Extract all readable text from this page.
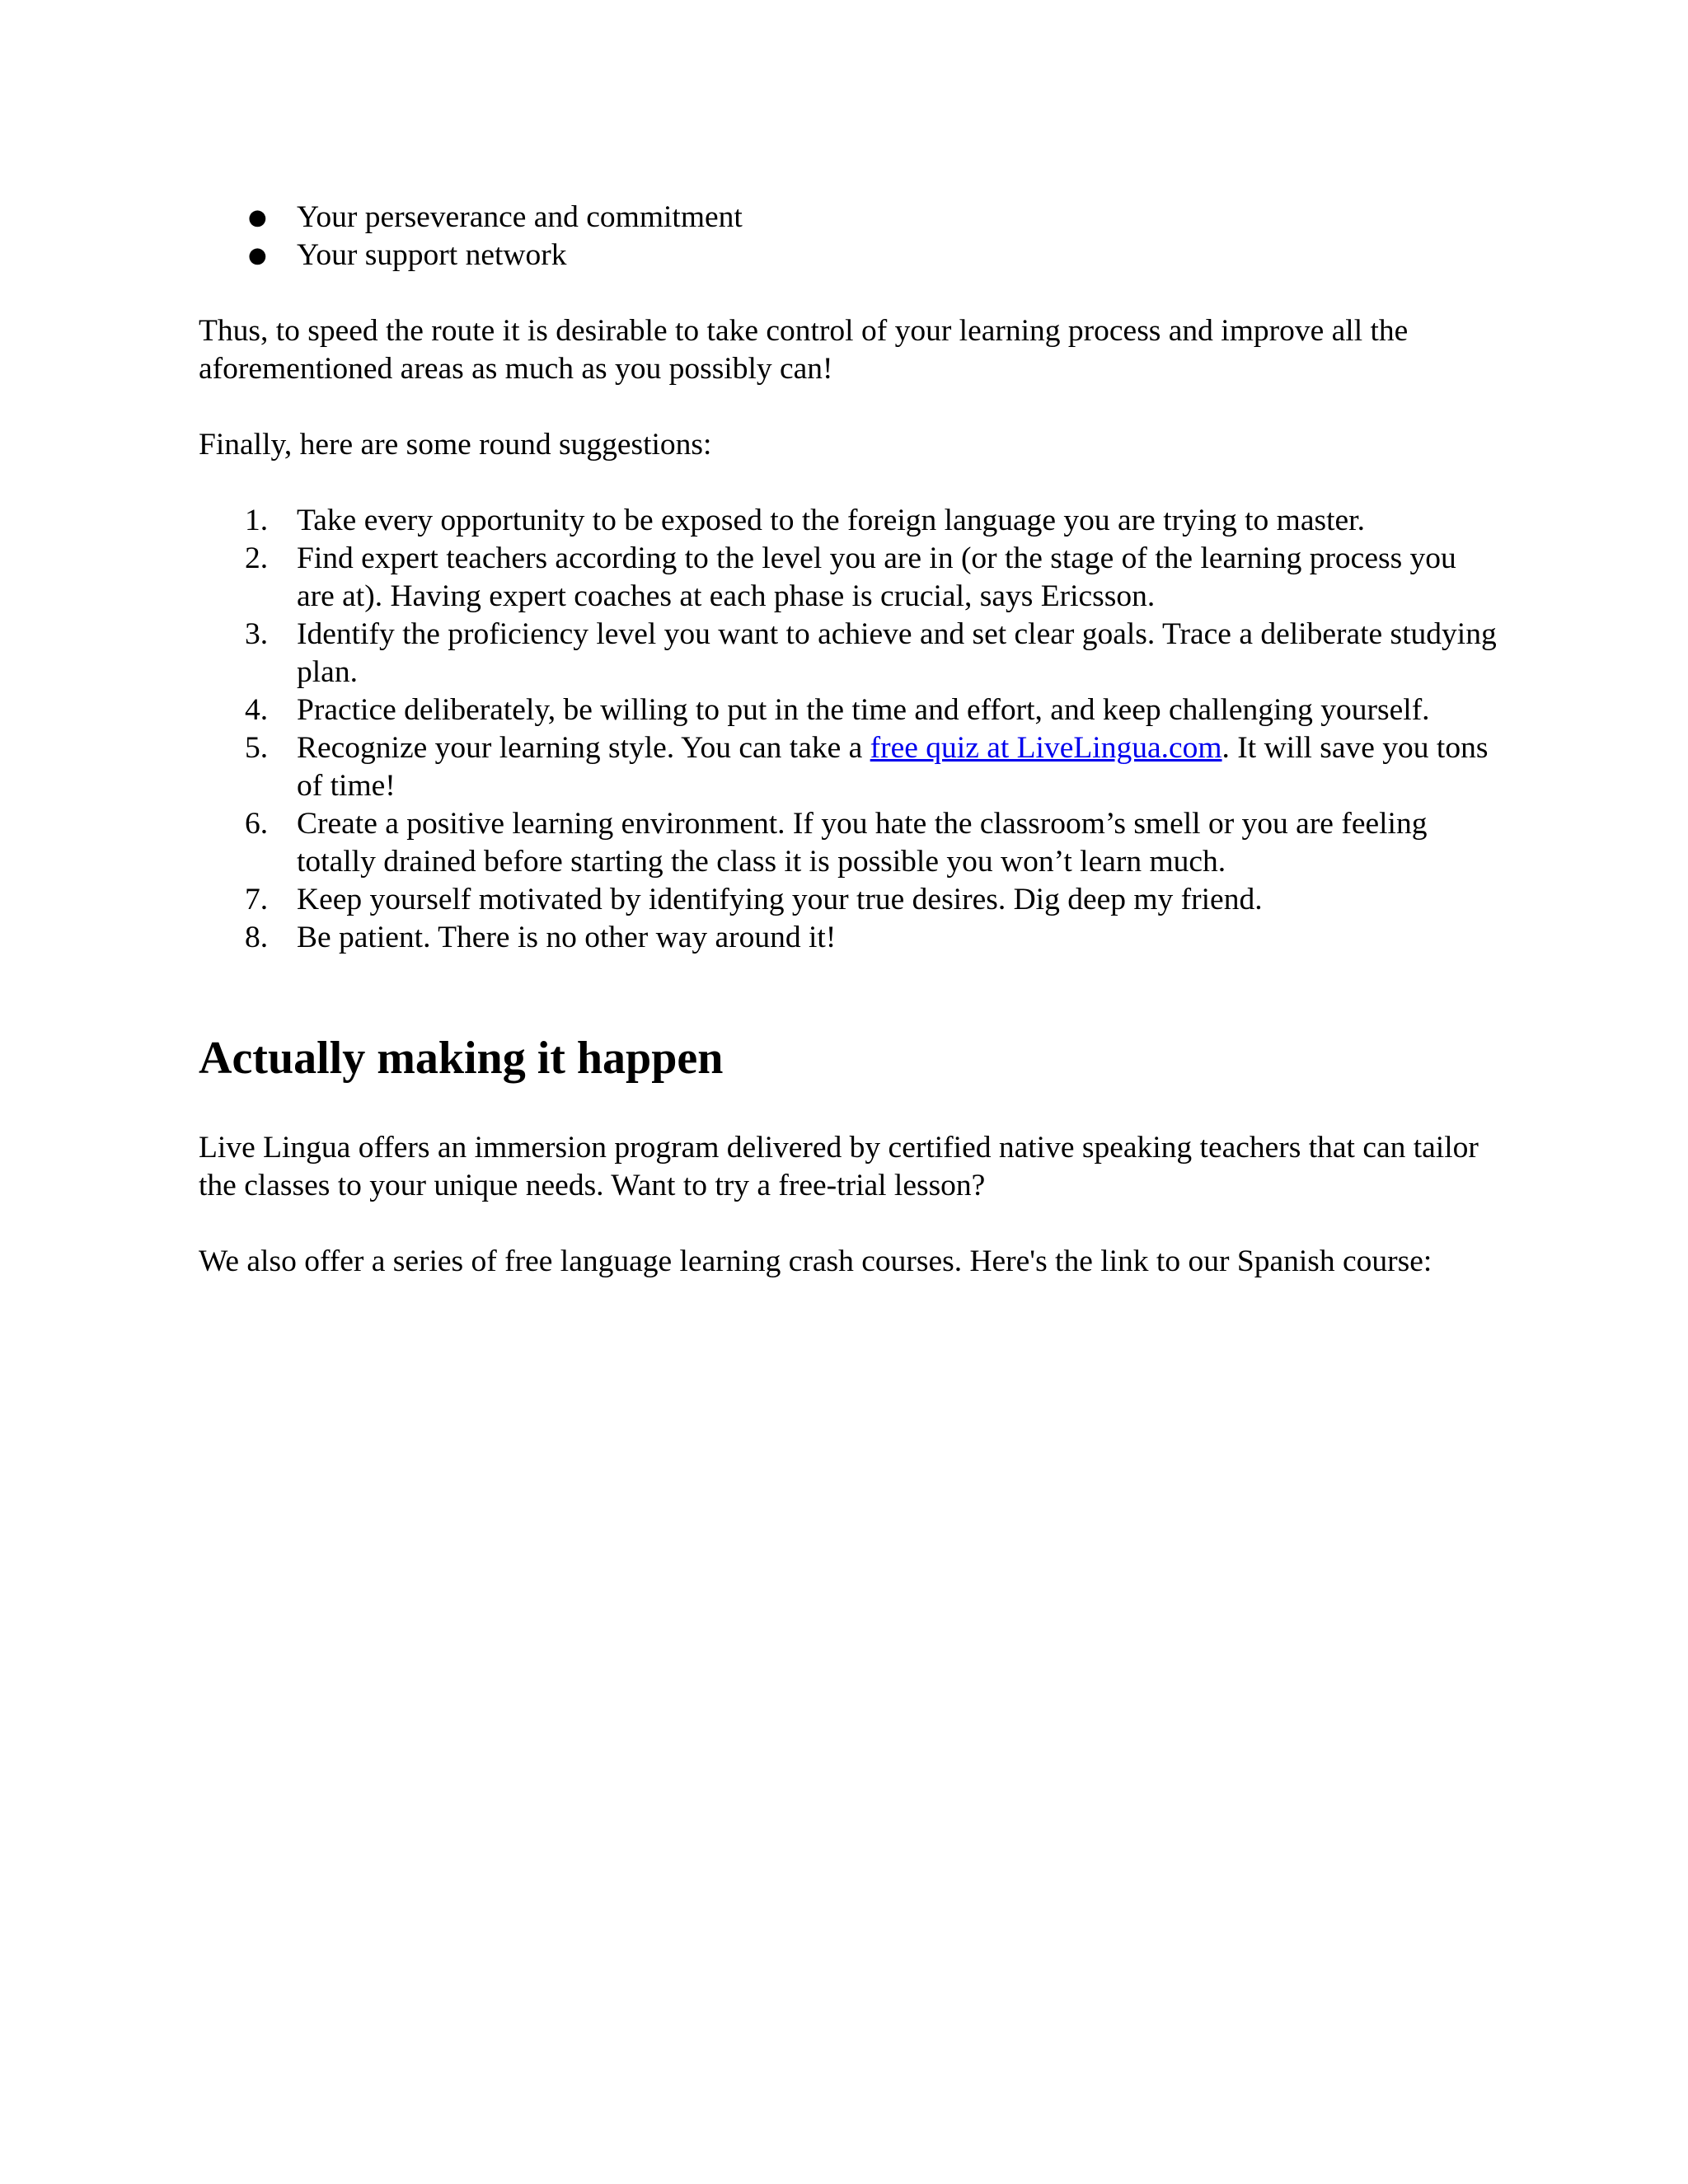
● Your perseverance and commitment
● Your support network

Thus, to speed the route it is desirable to take control of your learning process and improve all the aforementioned areas as much as you possibly can!

Finally, here are some round suggestions:

1. Take every opportunity to be exposed to the foreign language you are trying to master.
2. Find expert teachers according to the level you are in (or the stage of the learning process you are at). Having expert coaches at each phase is crucial, says Ericsson.
3. Identify the proficiency level you want to achieve and set clear goals. Trace a deliberate studying plan.
4. Practice deliberately, be willing to put in the time and effort, and keep challenging yourself.
5. Recognize your learning style. You can take a free quiz at LiveLingua.com. It will save you tons of time!
6. Create a positive learning environment. If you hate the classroom’s smell or you are feeling totally drained before starting the class it is possible you won’t learn much.
7. Keep yourself motivated by identifying your true desires. Dig deep my friend.
8. Be patient. There is no other way around it!
Actually making it happen

Live Lingua offers an immersion program delivered by certified native speaking teachers that can tailor the classes to your unique needs. Want to try a free-trial lesson?

We also offer a series of free language learning crash courses. Here's the link to our Spanish course:
